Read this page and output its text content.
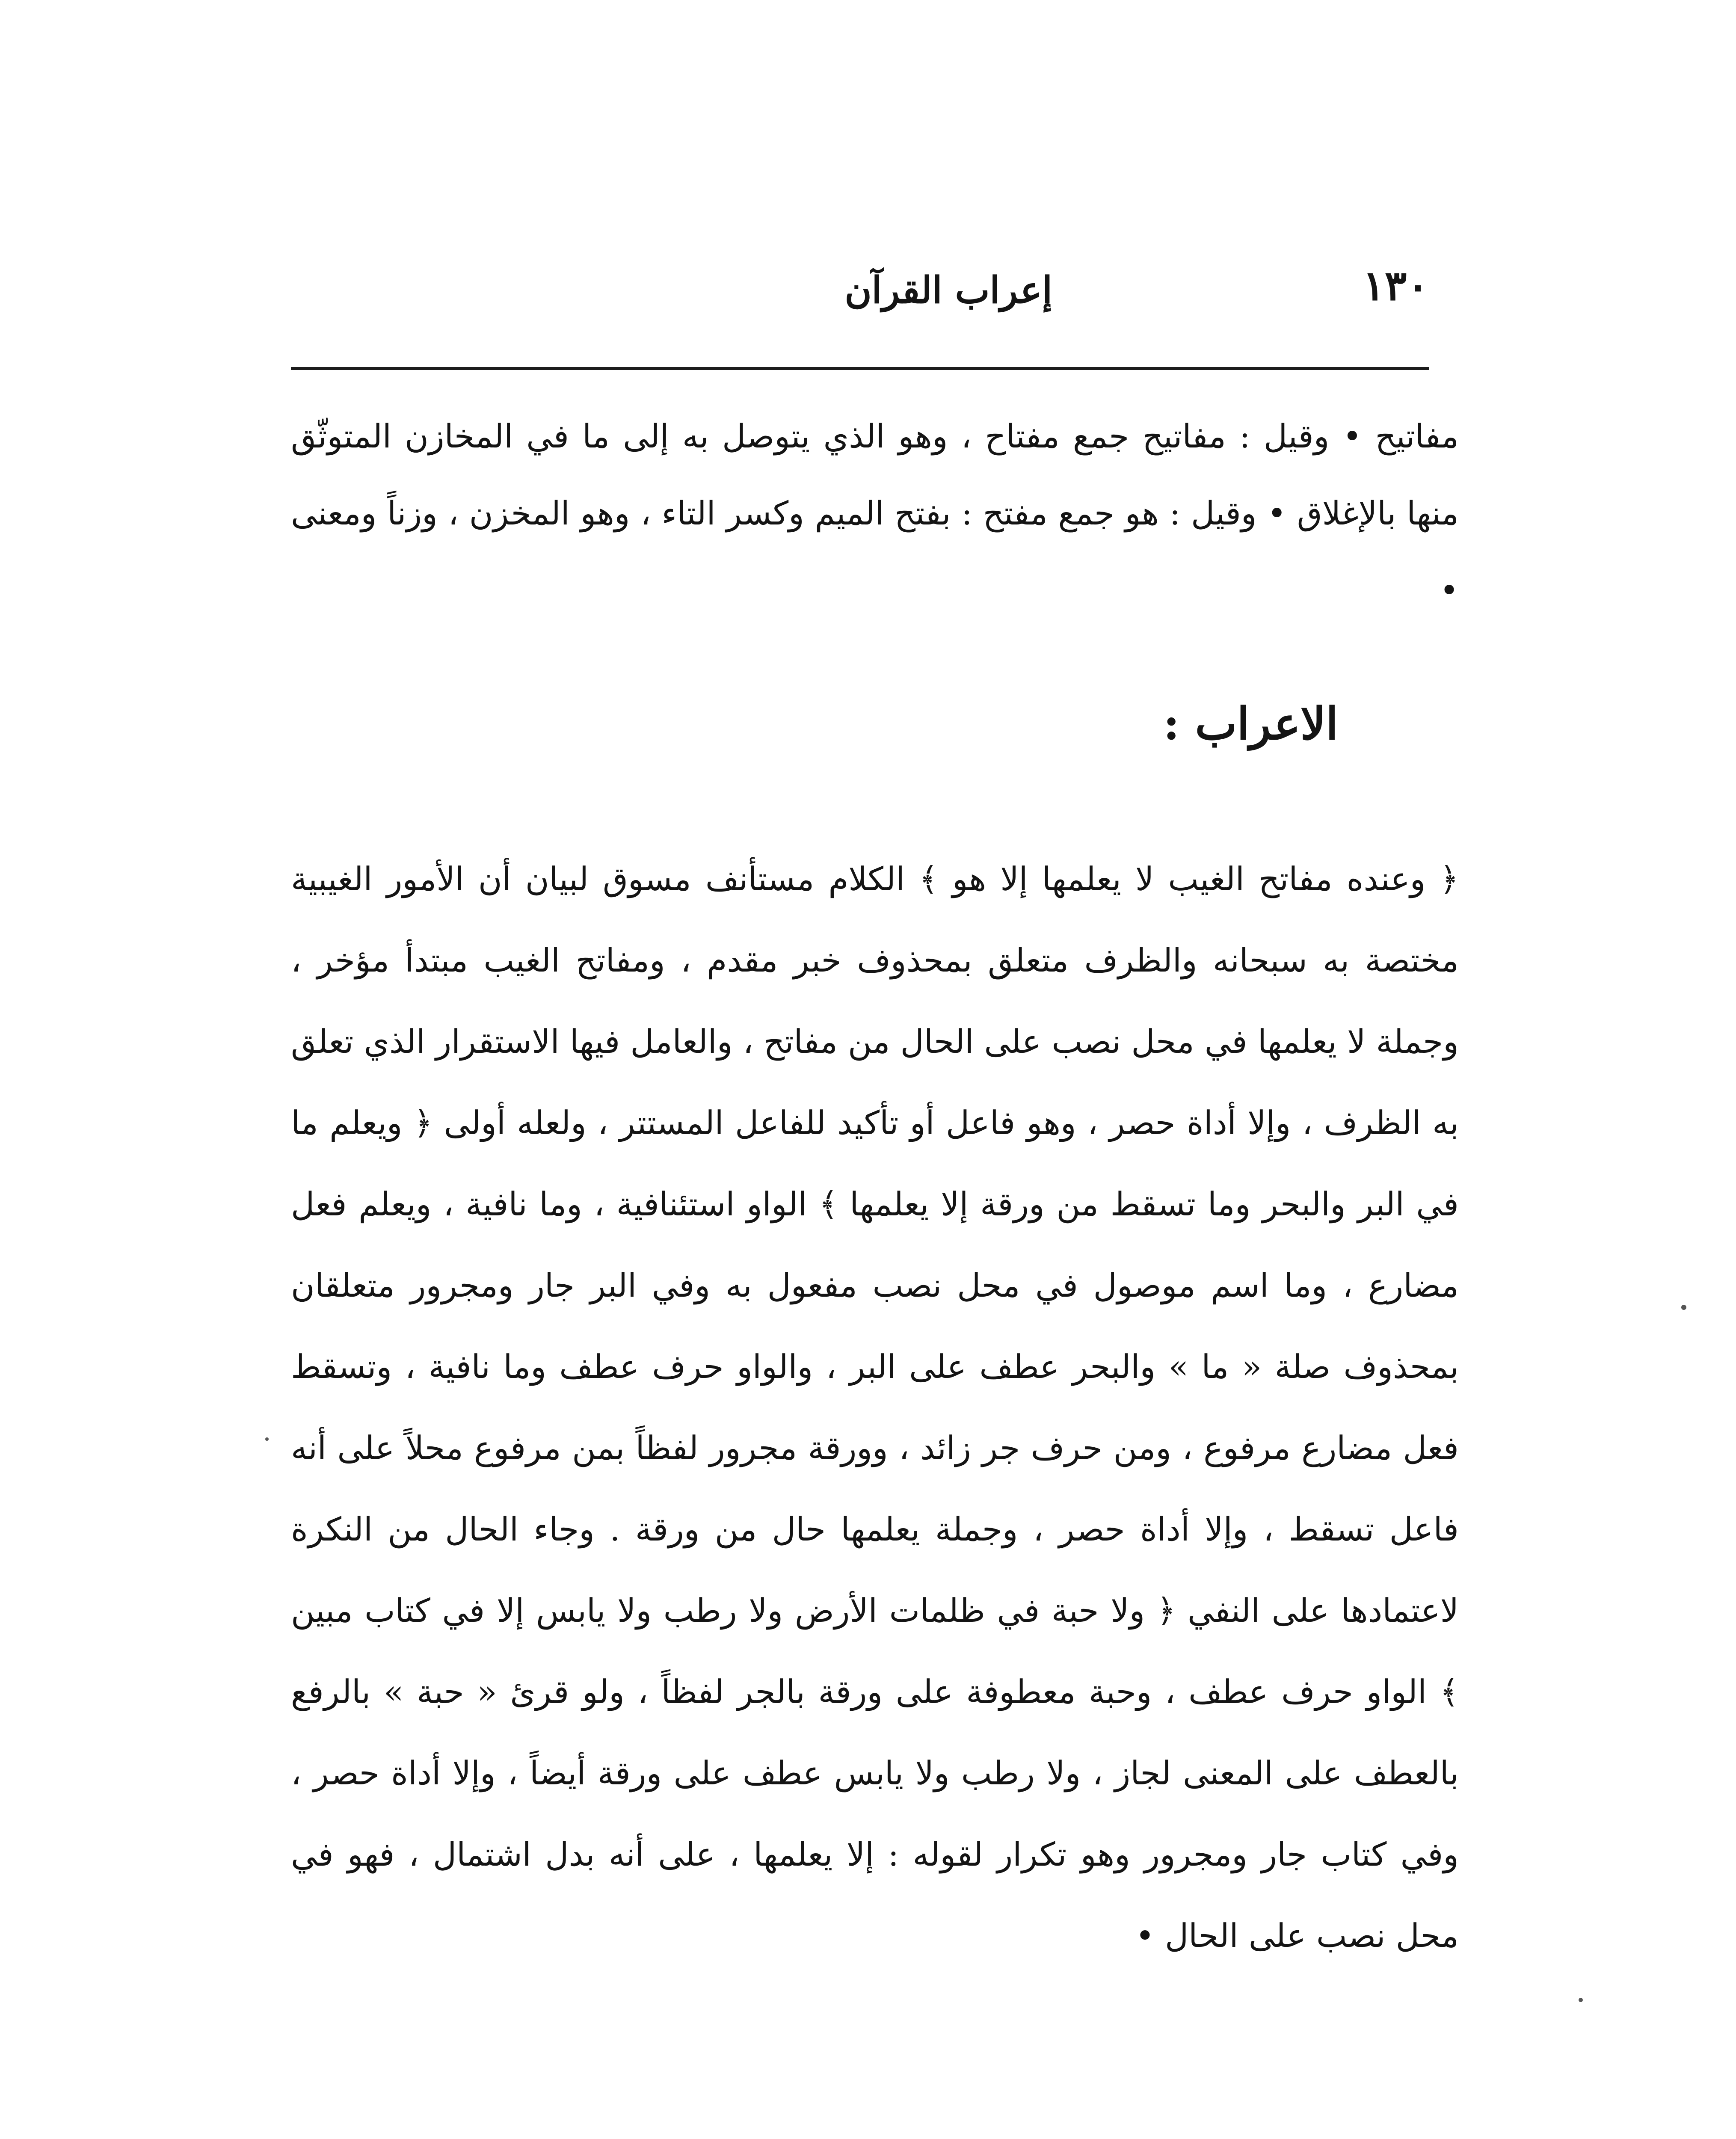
١٣٠
إعراب القرآن

مفاتيح • وقيل : مفاتيح جمع مفتاح ، وهو الذي يتوصل به إلى ما في المخازن المتوثّق منها بالإغلاق • وقيل : هو جمع مفتح : بفتح الميم وكسر التاء ، وهو المخزن ، وزناً ومعنى •

الاعراب :

﴿ وعنده مفاتح الغيب لا يعلمها إلا هو ﴾ الكلام مستأنف مسوق لبيان أن الأمور الغيبية مختصة به سبحانه والظرف متعلق بمحذوف خبر مقدم ، ومفاتح الغيب مبتدأ مؤخر ، وجملة لا يعلمها في محل نصب على الحال من مفاتح ، والعامل فيها الاستقرار الذي تعلق به الظرف ، وإلا أداة حصر ، وهو فاعل أو تأكيد للفاعل المستتر ، ولعله أولى ﴿ ويعلم ما في البر والبحر وما تسقط من ورقة إلا يعلمها ﴾ الواو استئنافية ، وما نافية ، ويعلم فعل مضارع ، وما اسم موصول في محل نصب مفعول به وفي البر جار ومجرور متعلقان بمحذوف صلة « ما » والبحر عطف على البر ، والواو حرف عطف وما نافية ، وتسقط فعل مضارع مرفوع ، ومن حرف جر زائد ، وورقة مجرور لفظاً بمن مرفوع محلاً على أنه فاعل تسقط ، وإلا أداة حصر ، وجملة يعلمها حال من ورقة . وجاء الحال من النكرة لاعتمادها على النفي ﴿ ولا حبة في ظلمات الأرض ولا رطب ولا يابس إلا في كتاب مبين ﴾ الواو حرف عطف ، وحبة معطوفة على ورقة بالجر لفظاً ، ولو قرئ « حبة » بالرفع بالعطف على المعنى لجاز ، ولا رطب ولا يابس عطف على ورقة أيضاً ، وإلا أداة حصر ، وفي كتاب جار ومجرور وهو تكرار لقوله : إلا يعلمها ، على أنه بدل اشتمال ، فهو في محل نصب على الحال •
